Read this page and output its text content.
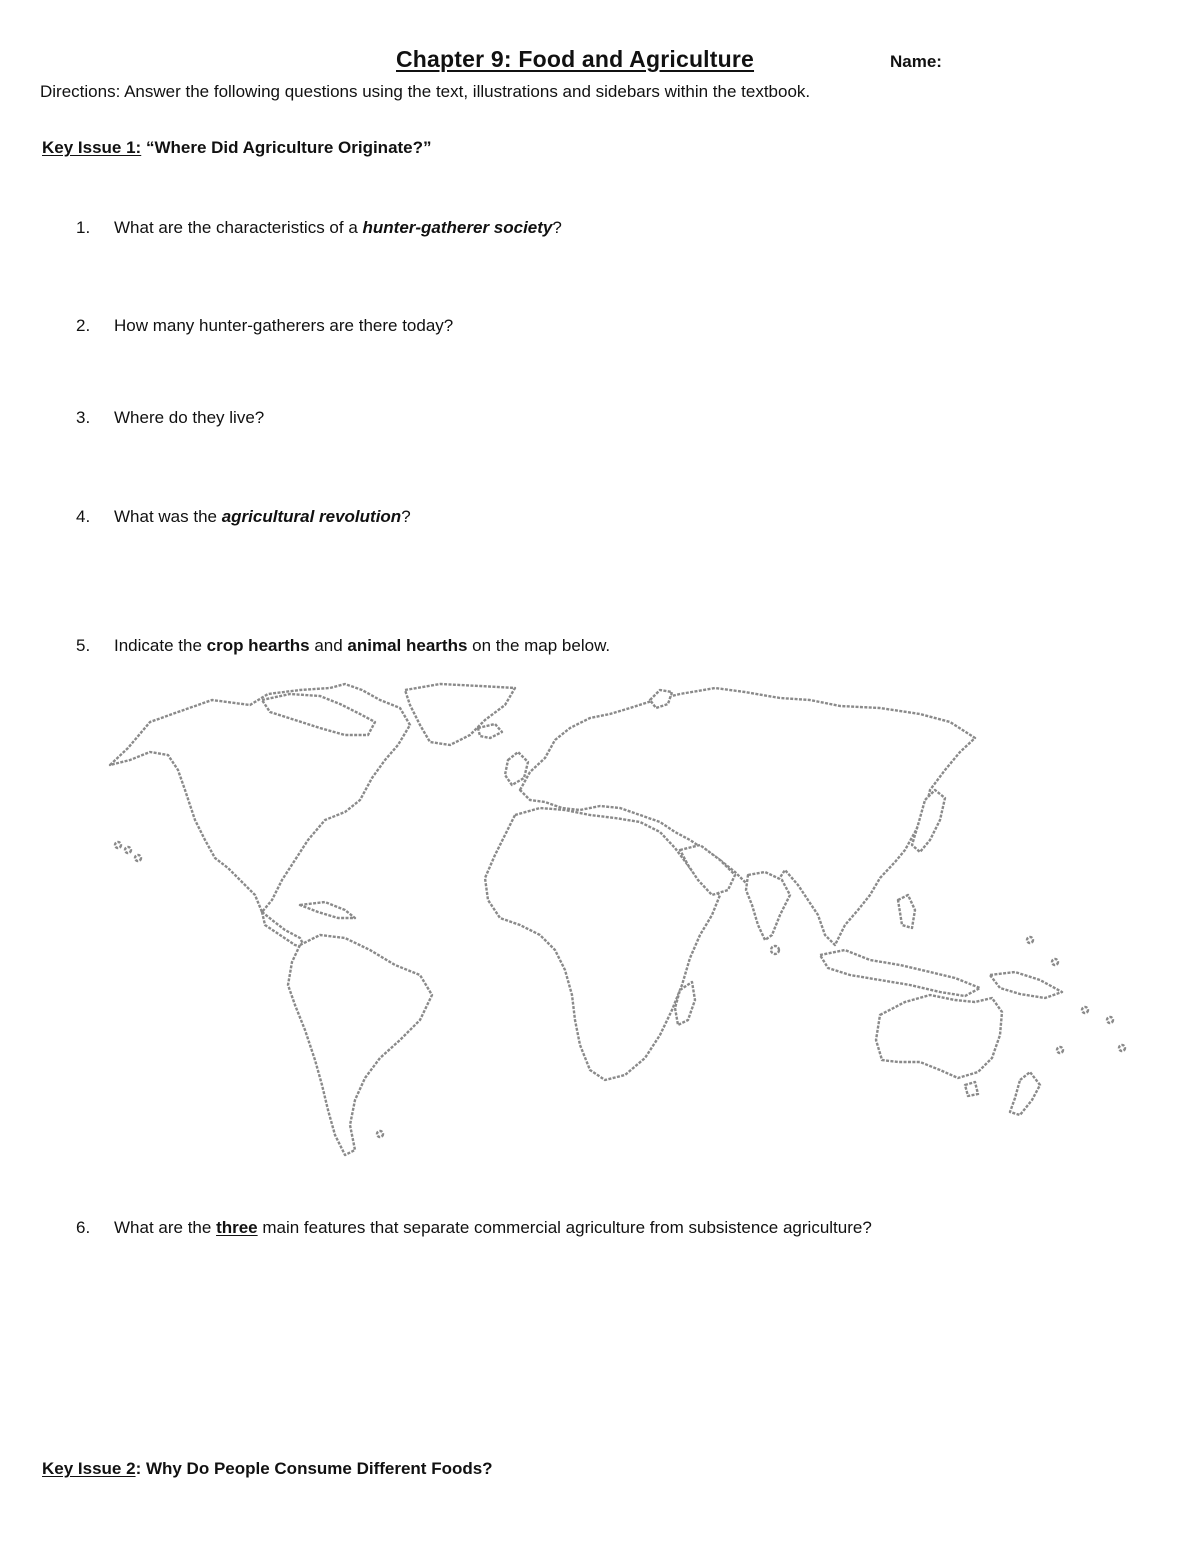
Chapter 9: Food and Agriculture	Name:
Directions: Answer the following questions using the text, illustrations and sidebars within the textbook.
Key Issue 1: “Where Did Agriculture Originate?”
1.	What are the characteristics of a hunter-gatherer society?
2.	How many hunter-gatherers are there today?
3.	Where do they live?
4.	What was the agricultural revolution?
5.	Indicate the crop hearths and animal hearths on the map below.
6.	What are the three main features that separate commercial agriculture from subsistence agriculture?
Key Issue 2: Why Do People Consume Different Foods?
